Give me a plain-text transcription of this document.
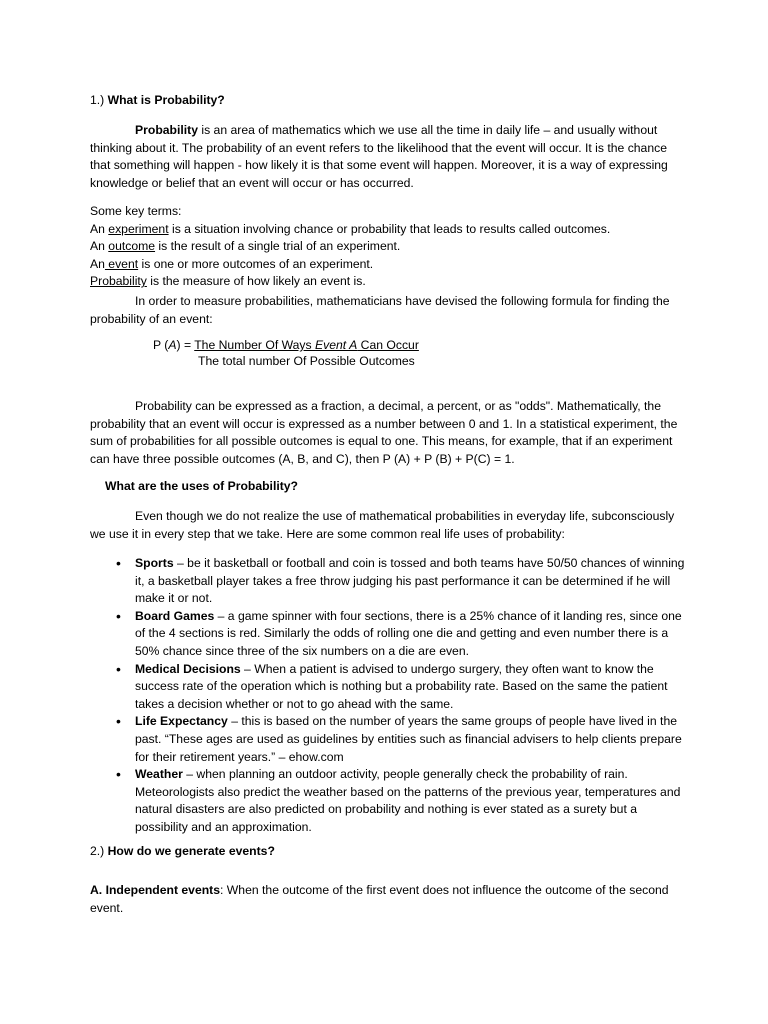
1.) What is Probability?

Probability is an area of mathematics which we use all the time in daily life – and usually without thinking about it. The probability of an event refers to the likelihood that the event will occur. It is the chance that something will happen - how likely it is that some event will happen. Moreover, it is a way of expressing knowledge or belief that an event will occur or has occurred.

Some key terms:

An experiment is a situation involving chance or probability that leads to results called outcomes.

An outcome is the result of a single trial of an experiment.

An event is one or more outcomes of an experiment.

Probability is the measure of how likely an event is.

In order to measure probabilities, mathematicians have devised the following formula for finding the probability of an event:

P (A) = The Number Of Ways Event A Can Occur
The total number Of Possible Outcomes

Probability can be expressed as a fraction, a decimal, a percent, or as "odds". Mathematically, the probability that an event will occur is expressed as a number between 0 and 1. In a statistical experiment, the sum of probabilities for all possible outcomes is equal to one. This means, for example, that if an experiment can have three possible outcomes (A, B, and C), then P (A) + P (B) + P(C) = 1.

What are the uses of Probability?

Even though we do not realize the use of mathematical probabilities in everyday life, subconsciously we use it in every step that we take. Here are some common real life uses of probability:

• Sports – be it basketball or football and coin is tossed and both teams have 50/50 chances of winning it, a basketball player takes a free throw judging his past performance it can be determined if he will make it or not.
• Board Games – a game spinner with four sections, there is a 25% chance of it landing res, since one of the 4 sections is red. Similarly the odds of rolling one die and getting and even number there is a 50% chance since three of the six numbers on a die are even.
• Medical Decisions – When a patient is advised to undergo surgery, they often want to know the success rate of the operation which is nothing but a probability rate. Based on the same the patient takes a decision whether or not to go ahead with the same.
• Life Expectancy – this is based on the number of years the same groups of people have lived in the past. “These ages are used as guidelines by entities such as financial advisers to help clients prepare for their retirement years.” – ehow.com
• Weather – when planning an outdoor activity, people generally check the probability of rain. Meteorologists also predict the weather based on the patterns of the previous year, temperatures and natural disasters are also predicted on probability and nothing is ever stated as a surety but a possibility and an approximation.

2.) How do we generate events?

A. Independent events: When the outcome of the first event does not influence the outcome of the second event.
